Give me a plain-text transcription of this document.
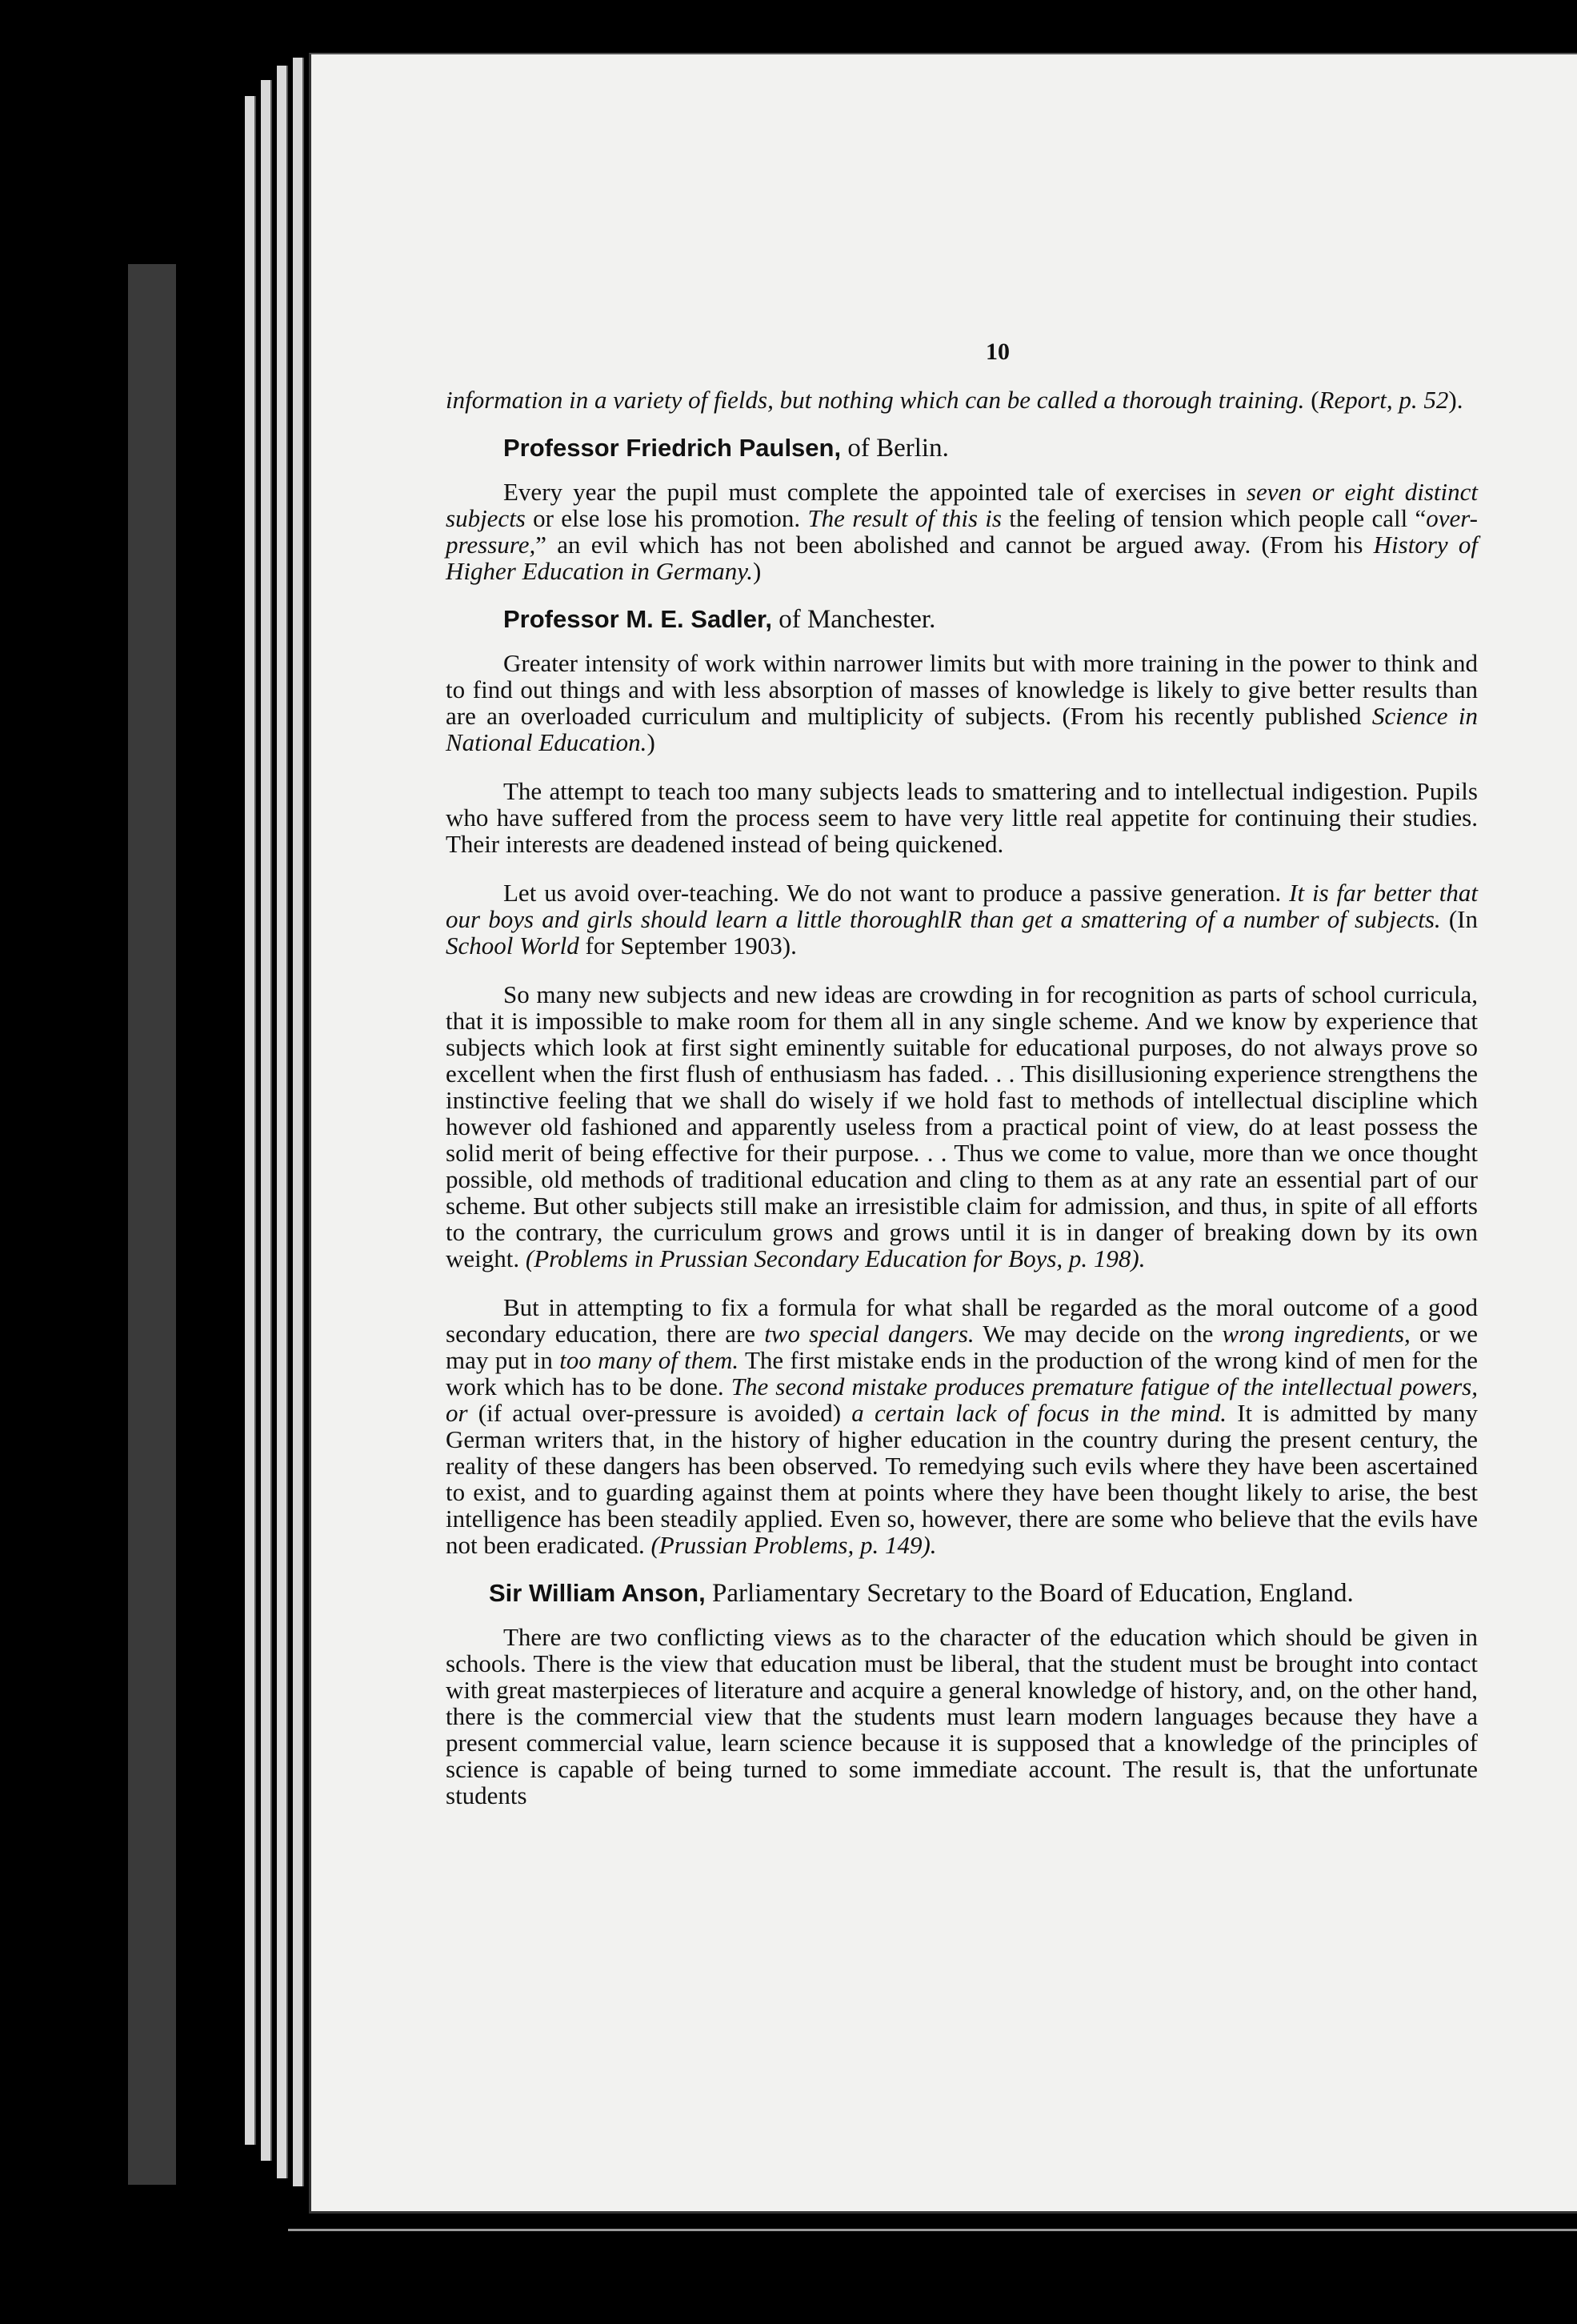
10

information in a variety of fields, but nothing which can be called a thorough training. (Report, p. 52).

Professor Friedrich Paulsen, of Berlin.

Every year the pupil must complete the appointed tale of exercises in seven or eight distinct subjects or else lose his promotion. The result of this is the feeling of tension which people call “over-pressure,” an evil which has not been abolished and cannot be argued away. (From his History of Higher Education in Germany.)

Professor M. E. Sadler, of Manchester.

Greater intensity of work within narrower limits but with more training in the power to think and to find out things and with less absorption of masses of knowledge is likely to give better results than are an overloaded curriculum and multiplicity of subjects. (From his recently published Science in National Education.)

The attempt to teach too many subjects leads to smattering and to intellectual indigestion. Pupils who have suffered from the process seem to have very little real appetite for continuing their studies. Their interests are deadened instead of being quickened.

Let us avoid over-teaching. We do not want to produce a passive generation. It is far better that our boys and girls should learn a little thoroughlR than get a smattering of a number of subjects. (In School World for September 1903).

So many new subjects and new ideas are crowding in for recognition as parts of school curricula, that it is impossible to make room for them all in any single scheme. And we know by experience that subjects which look at first sight eminently suitable for educational purposes, do not always prove so excellent when the first flush of enthusiasm has faded. . . This disillusioning experience strengthens the instinctive feeling that we shall do wisely if we hold fast to methods of intellectual discipline which however old fashioned and apparently useless from a practical point of view, do at least possess the solid merit of being effective for their purpose. . . Thus we come to value, more than we once thought possible, old methods of traditional education and cling to them as at any rate an essential part of our scheme. But other subjects still make an irresistible claim for admission, and thus, in spite of all efforts to the contrary, the curriculum grows and grows until it is in danger of breaking down by its own weight. (Problems in Prussian Secondary Education for Boys, p. 198).

But in attempting to fix a formula for what shall be regarded as the moral outcome of a good secondary education, there are two special dangers. We may decide on the wrong ingredients, or we may put in too many of them. The first mistake ends in the production of the wrong kind of men for the work which has to be done. The second mistake produces premature fatigue of the intellectual powers, or (if actual over-pressure is avoided) a certain lack of focus in the mind. It is admitted by many German writers that, in the history of higher education in the country during the present century, the reality of these dangers has been observed. To remedying such evils where they have been ascertained to exist, and to guarding against them at points where they have been thought likely to arise, the best intelligence has been steadily applied. Even so, however, there are some who believe that the evils have not been eradicated. (Prussian Problems, p. 149).

Sir William Anson, Parliamentary Secretary to the Board of Education, England.

There are two conflicting views as to the character of the education which should be given in schools. There is the view that education must be liberal, that the student must be brought into contact with great masterpieces of literature and acquire a general knowledge of history, and, on the other hand, there is the commercial view that the students must learn modern languages because they have a present commercial value, learn science because it is supposed that a knowledge of the principles of science is capable of being turned to some immediate account. The result is, that the unfortunate students
